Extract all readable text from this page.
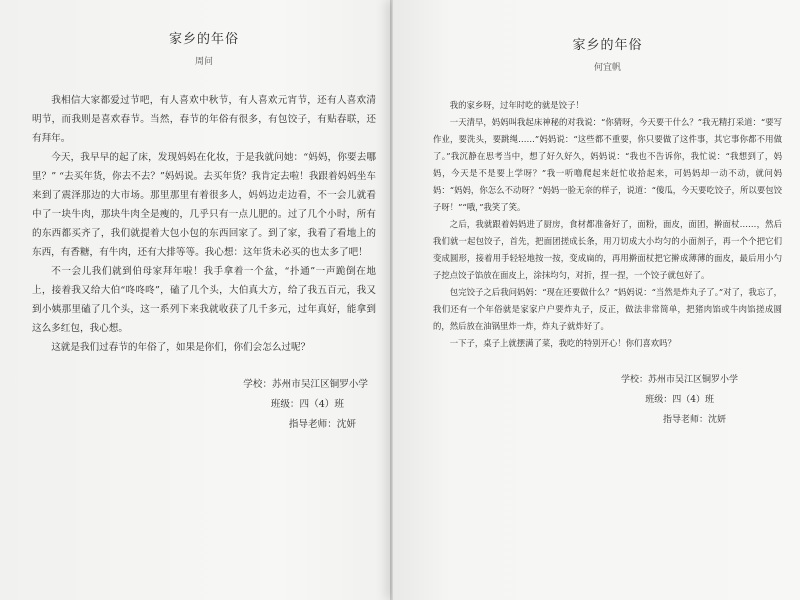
家乡的年俗
周问

我相信大家都爱过节吧，有人喜欢中秋节，有人喜欢元宵节，还有人喜欢清明节，而我则是喜欢春节。当然，春节的年俗有很多，有包饺子，有贴春联，还有拜年。

今天，我早早的起了床，发现妈妈在化妆，于是我就问她：“妈妈，你要去哪里？” “去买年货，你去不去？”妈妈说。去买年货？我肯定去啦！我跟着妈妈坐车来到了震泽那边的大市场。那里那里有着很多人，妈妈边走边看，不一会儿就看中了一块牛肉，那块牛肉全是瘦的，几乎只有一点儿肥的。过了几个小时，所有的东西都买齐了，我们就提着大包小包的东西回家了。到了家，我看了看地上的东西，有香糖，有牛肉，还有大排等等。我心想：这年货未必买的也太多了吧！

不一会儿我们就到伯母家拜年啦！我手拿着一个盆，“扑通”一声跪倒在地上，接着我又给大伯“咚咚咚”，磕了几个头，大伯真大方，给了我五百元，我又到小姨那里磕了几个头，这一系列下来我就收获了几千多元，过年真好，能拿到这么多红包，我心想。

这就是我们过春节的年俗了，如果是你们，你们会怎么过呢？

学校：苏州市吴江区铜罗小学
班级：四（4）班
指导老师：沈妍
家乡的年俗
何宜帆

我的家乡呀，过年时吃的就是饺子！

一天清早，妈妈叫我起床神秘的对我说：“你猜呀，今天要干什么？”我无精打采道：“要写作业，要洗头，要跳绳……”妈妈说：“这些都不重要，你只要做了这件事，其它事你都不用做了。”我沉静在思考当中，想了好久好久，妈妈说：“我也不告诉你，我忙说：“我想到了，妈妈，今天是不是要上学呀？”我一听噜爬起来赶忙收拾起来，可妈妈却一动不动，就问妈妈：“妈妈，你怎么不动呀？”妈妈一脸无奈的样子，说道：“傻瓜，今天要吃饺子，所以要包饺子呀！”“哦，”我笑了笑。

之后，我就跟着妈妈进了厨房，食材都准备好了，面粉，面皮，面团，擀面杖……，然后我们就一起包饺子，首先，把面团搓成长条，用刀切成大小均匀的小面剂子，再一个个把它们变成圆形，接着用手轻轻地按一按，变成扁的，再用擀面杖把它擀成薄薄的面皮，最后用小勺子挖点饺子馅放在面皮上，涂抹均匀，对折，捏一捏，一个饺子就包好了。

包完饺子之后我问妈妈：“现在还要做什么？”妈妈说：“当然是炸丸子了。”对了，我忘了，我们还有一个年俗就是家家户户要炸丸子，反正，做法非常简单，把猪肉馅或牛肉馅搓成圆的，然后放在油锅里炸一炸，炸丸子就炸好了。

一下子，桌子上就摆满了菜，我吃的特别开心！你们喜欢吗？

学校：苏州市吴江区铜罗小学
班级：四（4）班
指导老师：沈妍
